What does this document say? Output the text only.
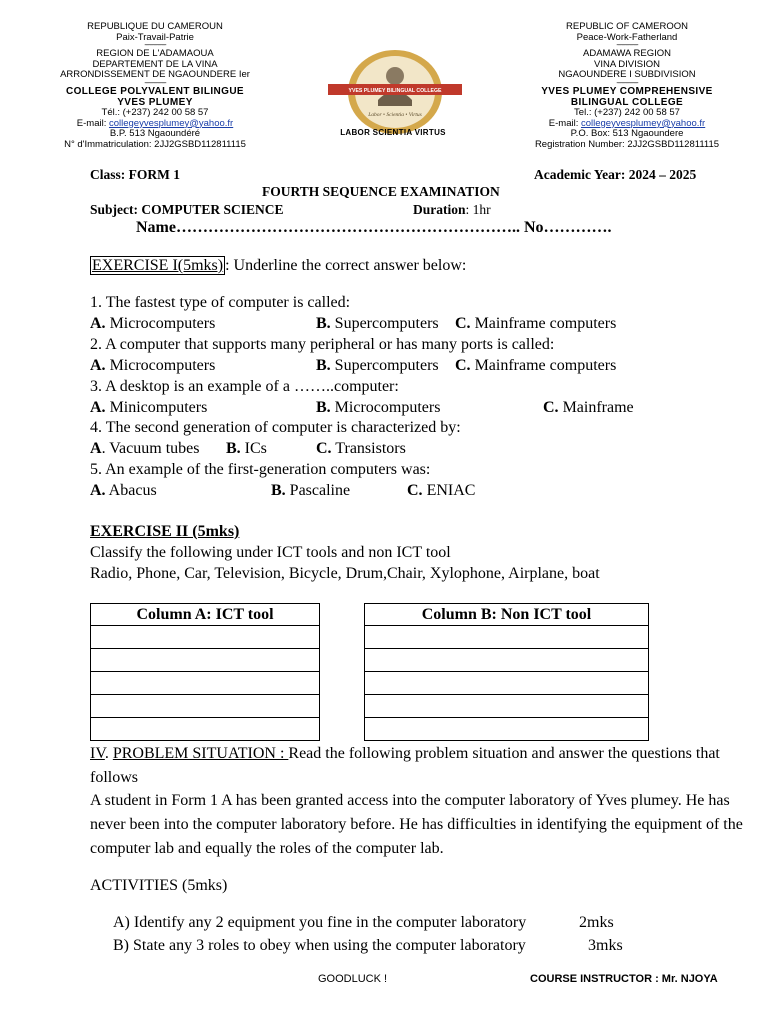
REPUBLIQUE DU CAMEROUN
Paix-Travail-Patrie
----------------
REGION DE L'ADAMAOUA
DEPARTEMENT DE LA VINA
ARRONDISSEMENT DE NGAOUNDERE Ier
----------------
COLLEGE POLYVALENT BILINGUE
YVES PLUMEY
Tél.: (+237) 242 00 58 57
E-mail: collegeyvesplumey@yahoo.fr
B.P. 513 Ngaoundéré
N° d'Immatriculation: 2JJ2GSBD112811115
REPUBLIC OF CAMEROON
Peace-Work-Fatherland
----------------
ADAMAWA REGION
VINA DIVISION
NGAOUNDERE I SUBDIVISION
----------------
YVES PLUMEY COMPREHENSIVE
BILINGUAL COLLEGE
Tel.: (+237) 242 00 58 57
E-mail: collegeyvesplumey@yahoo.fr
P.O. Box: 513 Ngaoundere
Registration Number: 2JJ2GSBD112811115
YVES PLUMEY BILINGUAL COLLEGE
Labor • Scientia • Virtus
LABOR SCIENTIA VIRTUS
Class: FORM 1	Academic Year: 2024 – 2025
FOURTH SEQUENCE EXAMINATION
Subject: COMPUTER SCIENCE	Duration: 1hr
Name……………………………………………………….. No………….
EXERCISE I(5mks) : Underline the correct answer below:
1. The fastest type of computer is called:
A. Microcomputers	B. Supercomputers C. Mainframe computers
2. A computer that supports many peripheral or has many ports is called:
A. Microcomputers	B. Supercomputers C. Mainframe computers
3. A desktop is an example of a ……..computer:
A. Minicomputers	B. Microcomputers	C. Mainframe
4. The second generation of computer is characterized by:
A. Vacuum tubes B. ICs	C. Transistors
5. An example of the first-generation computers was:
A. Abacus	B. Pascaline	C. ENIAC
EXERCISE II (5mks)
Classify the following under ICT tools and non ICT tool
Radio, Phone, Car, Television, Bicycle, Drum,Chair, Xylophone, Airplane, boat
Column A: ICT tool	Column B: Non ICT tool

IV. PROBLEM SITUATION : Read the following problem situation and answer the questions that follows
A student in Form 1 A has been granted access into the computer laboratory of Yves plumey. He has never been into the computer laboratory before. He has difficulties in identifying the equipment of the computer lab and equally the roles of the computer lab.
ACTIVITIES (5mks)
A) Identify any 2 equipment you fine in the computer laboratory	2mks
B) State any 3 roles to obey when using the computer laboratory	3mks
GOODLUCK !	COURSE INSTRUCTOR : Mr. NJOYA
